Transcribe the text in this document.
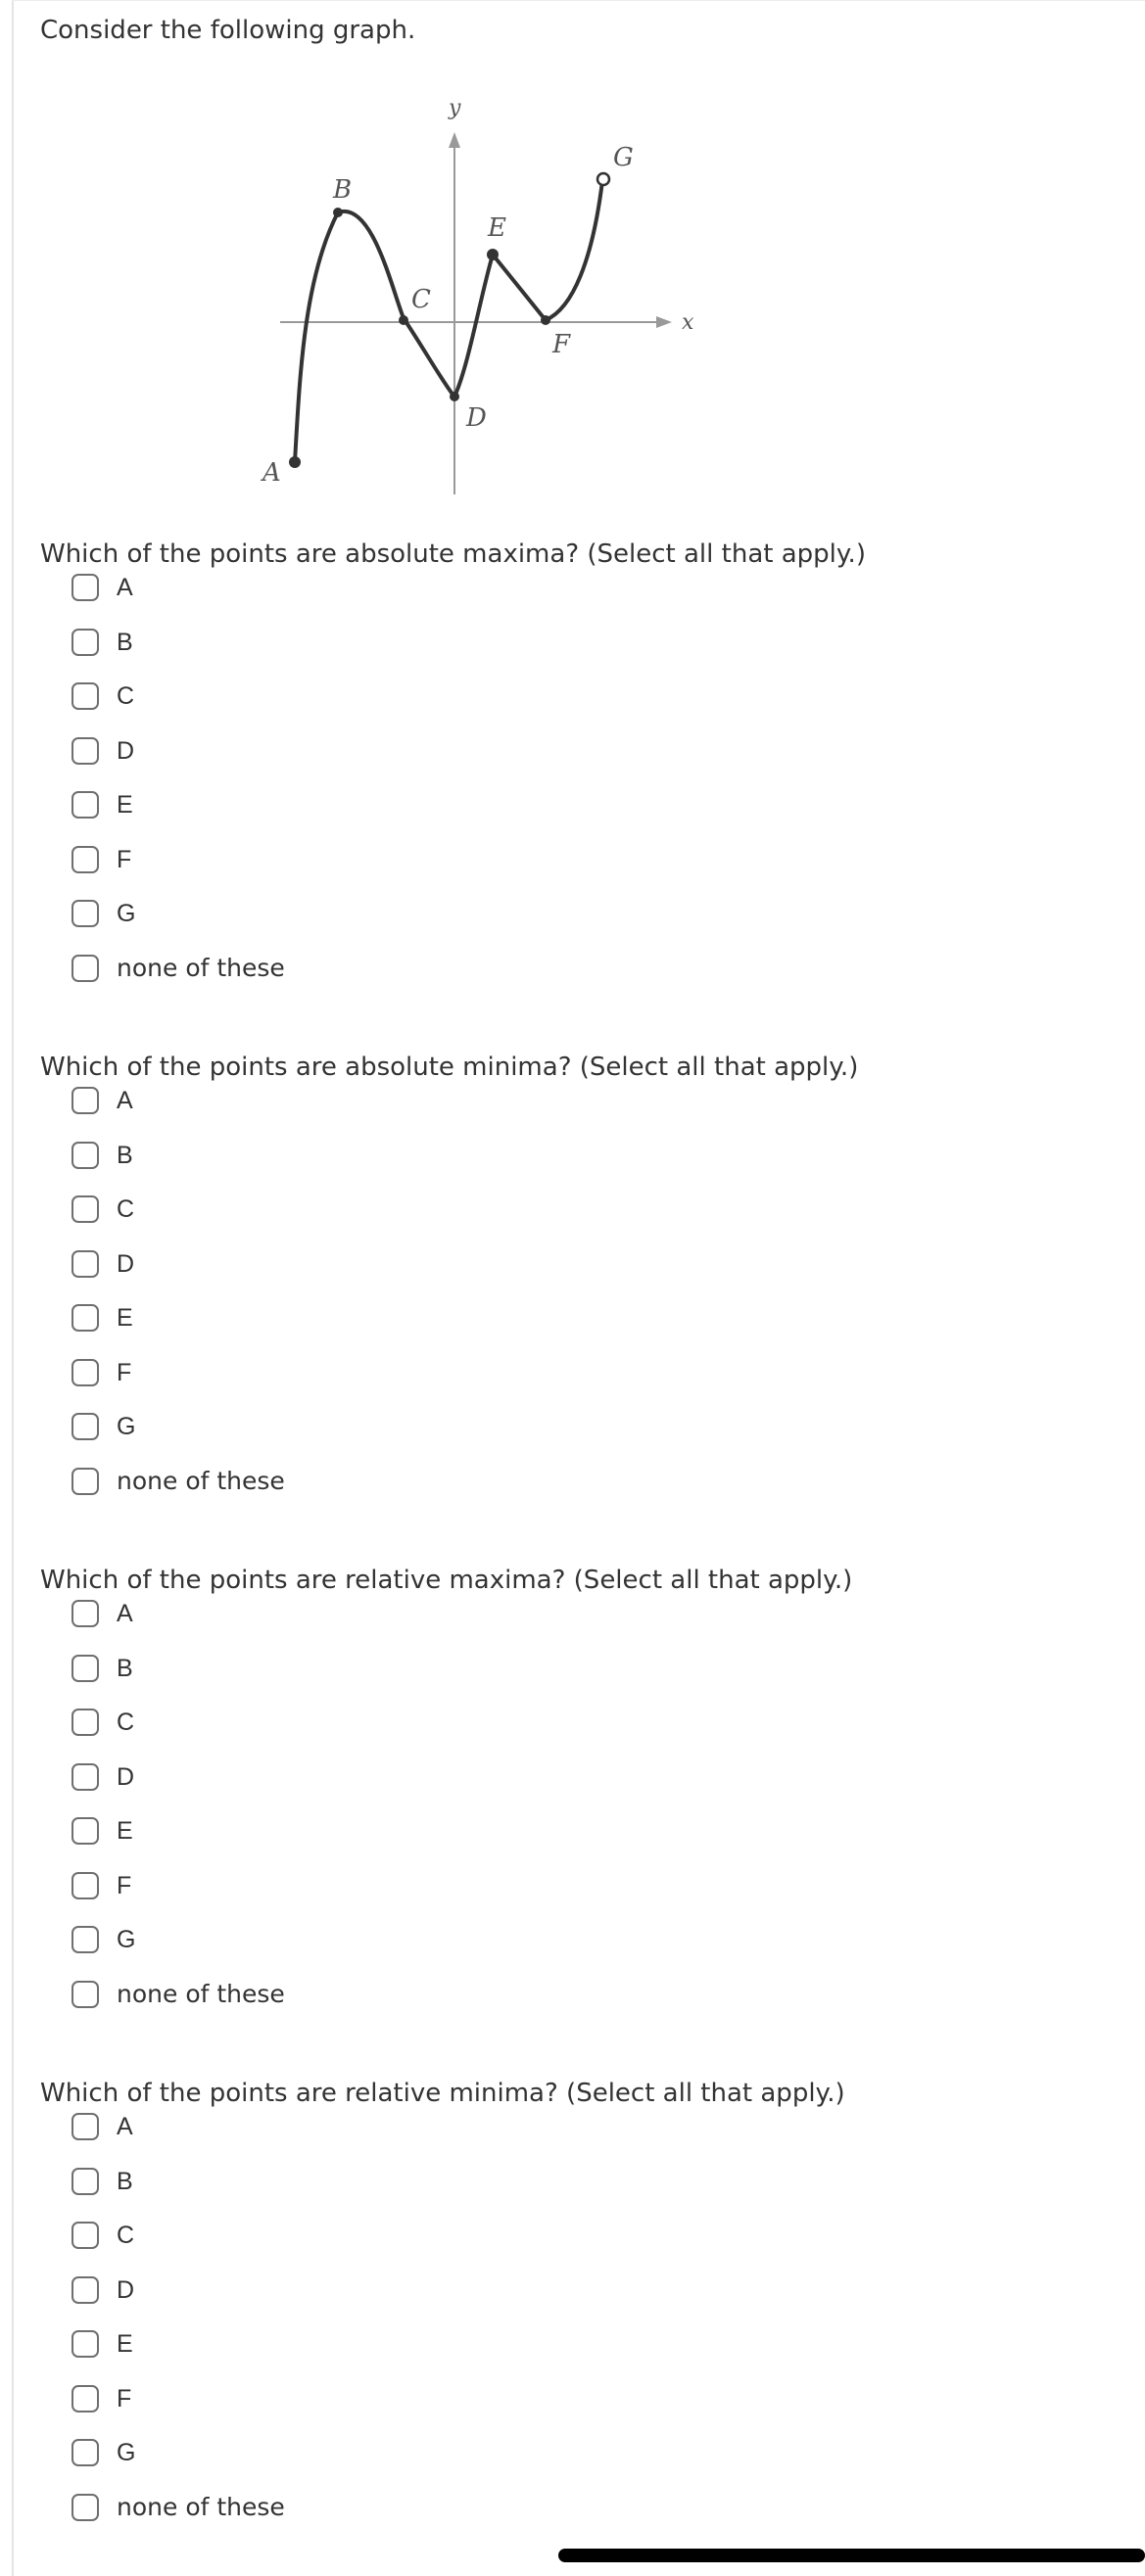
Consider the following graph.
x
y
A
B
C
D
E
F
G

Which of the points are absolute maxima? (Select all that apply.)

A
B
C
D
E
F
G
none of these

Which of the points are absolute minima? (Select all that apply.)

A
B
C
D
E
F
G
none of these

Which of the points are relative maxima? (Select all that apply.)

A
B
C
D
E
F
G
none of these

Which of the points are relative minima? (Select all that apply.)

A
B
C
D
E
F
G
none of these
